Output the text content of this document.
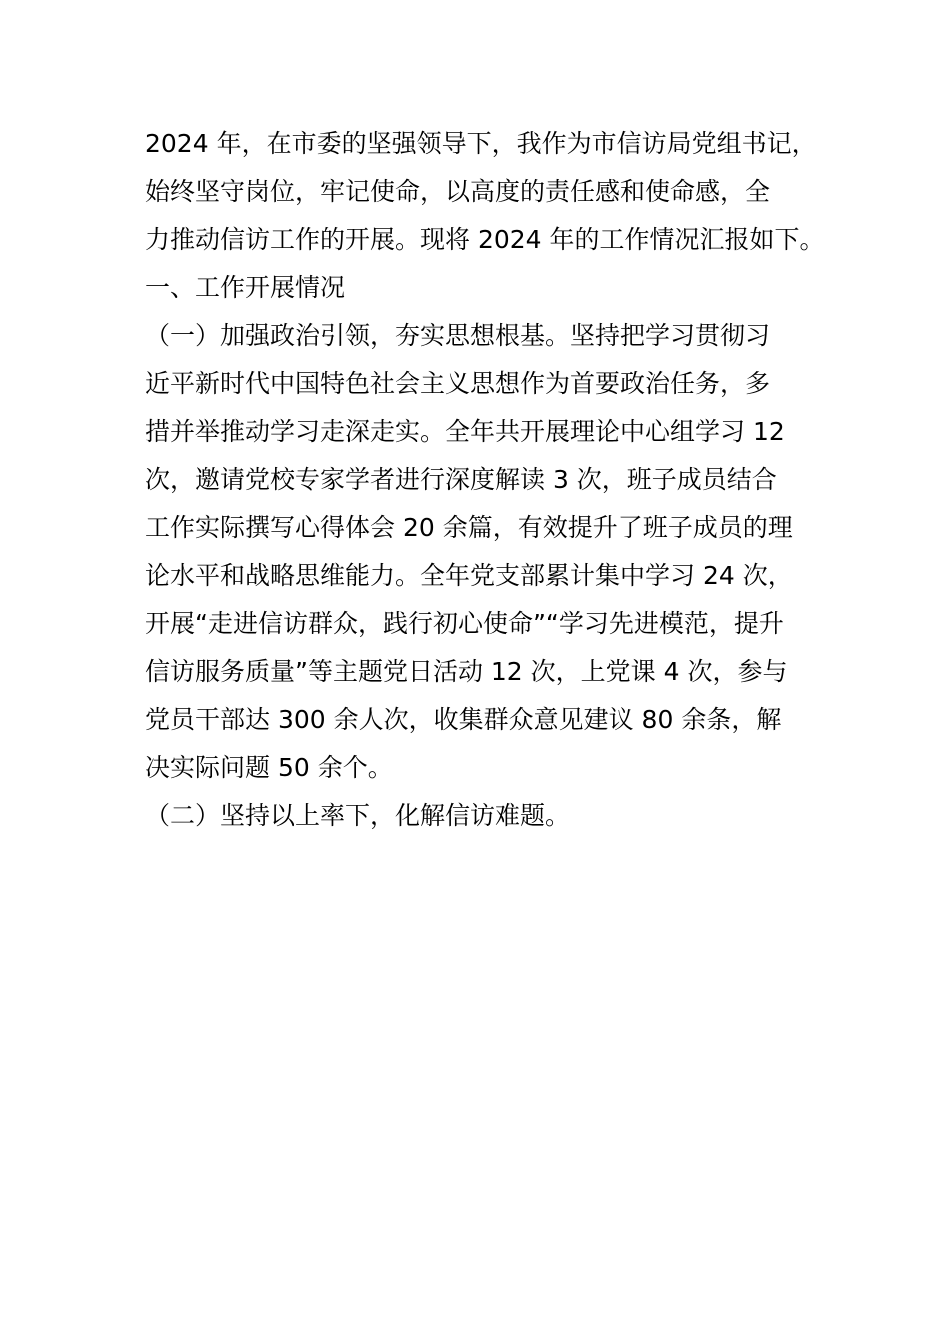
2024 年，在市委的坚强领导下，我作为市信访局党组书记，
始终坚守岗位，牢记使命，以高度的责任感和使命感，全
力推动信访工作的开展。现将 2024 年的工作情况汇报如下。
一、工作开展情况
（一）加强政治引领，夯实思想根基。坚持把学习贯彻习
近平新时代中国特色社会主义思想作为首要政治任务，多
措并举推动学习走深走实。全年共开展理论中心组学习 12
次，邀请党校专家学者进行深度解读 3 次，班子成员结合
工作实际撰写心得体会 20 余篇，有效提升了班子成员的理
论水平和战略思维能力。全年党支部累计集中学习 24 次，
开展“走进信访群众，践行初心使命”“学习先进模范，提升
信访服务质量”等主题党日活动 12 次，上党课 4 次，参与
党员干部达 300 余人次，收集群众意见建议 80 余条，解
决实际问题 50 余个。
（二）坚持以上率下，化解信访难题。
